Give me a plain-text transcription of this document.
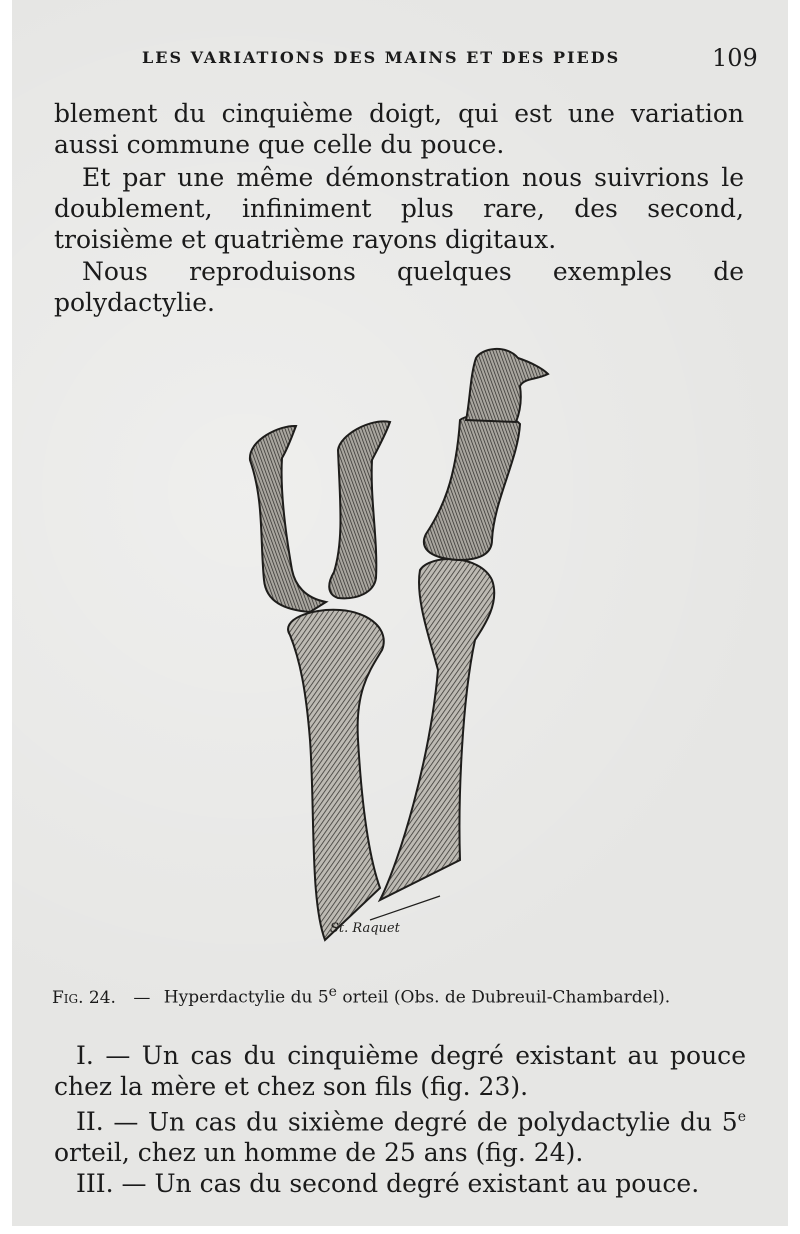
LES VARIATIONS DES MAINS ET DES PIEDS	109

blement du cinquième doigt, qui est une variation aussi commune que celle du pouce.

Et par une même démonstration nous suivrions le doublement, infiniment plus rare, des second, troisième et quatrième rayons digitaux.

Nous reproduisons quelques exemples de polydactylie.

St. Raquet
Fig. 24. — Hyperdactylie du 5e orteil (Obs. de Dubreuil-Chambardel).

I. — Un cas du cinquième degré existant au pouce chez la mère et chez son fils (fig. 23).

II. — Un cas du sixième degré de polydactylie du 5e orteil, chez un homme de 25 ans (fig. 24).

III. — Un cas du second degré existant au pouce.
